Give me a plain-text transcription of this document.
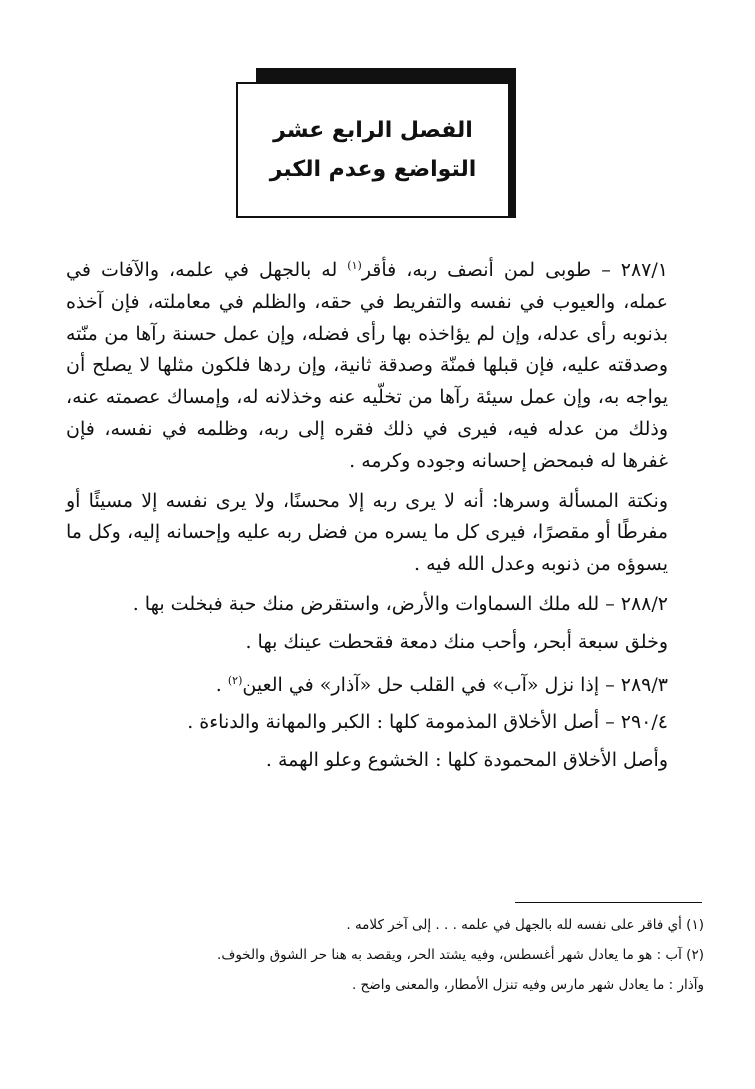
الفصل الرابع عشر
التواضع وعدم الكبر

٢٨٧/١ – طوبى لمن أنصف ربه، فأقر$^{(١)}$ له بالجهل في علمه، والآفات في عمله، والعيوب في نفسه والتفريط في حقه، والظلم في معاملته، فإن آخذه بذنوبه رأى عدله، وإن لم يؤاخذه بها رأى فضله، وإن عمل حسنة رآها من منّته وصدقته عليه، فإن قبلها فمنّة وصدقة ثانية، وإن ردها فلكون مثلها لا يصلح أن يواجه به، وإن عمل سيئة رآها من تخلّيه عنه وخذلانه له، وإمساك عصمته عنه، وذلك من عدله فيه، فيرى في ذلك فقره إلى ربه، وظلمه في نفسه، فإن غفرها له فبمحض إحسانه وجوده وكرمه .

ونكتة المسألة وسرها: أنه لا يرى ربه إلا محسنًا، ولا يرى نفسه إلا مسيئًا أو مفرطًا أو مقصرًا، فيرى كل ما يسره من فضل ربه عليه وإحسانه إليه، وكل ما يسوؤه من ذنوبه وعدل الله فيه .

٢٨٨/٢ – لله ملك السماوات والأرض، واستقرض منك حبة فبخلت بها .
وخلق سبعة أبحر، وأحب منك دمعة فقحطت عينك بها .
٢٨٩/٣ – إذا نزل «آب» في القلب حل «آذار» في العين$^{(٢)}$ .
٢٩٠/٤ – أصل الأخلاق المذمومة كلها : الكبر والمهانة والدناءة .
وأصل الأخلاق المحمودة كلها : الخشوع وعلو الهمة .
(١) أي فاقر على نفسه لله بالجهل في علمه . . . إلى آخر كلامه .
(٢) آب : هو ما يعادل شهر أغسطس، وفيه يشتد الحر، ويقصد به هنا حر الشوق والخوف.
وآذار : ما يعادل شهر مارس وفيه تنزل الأمطار، والمعنى واضح .
